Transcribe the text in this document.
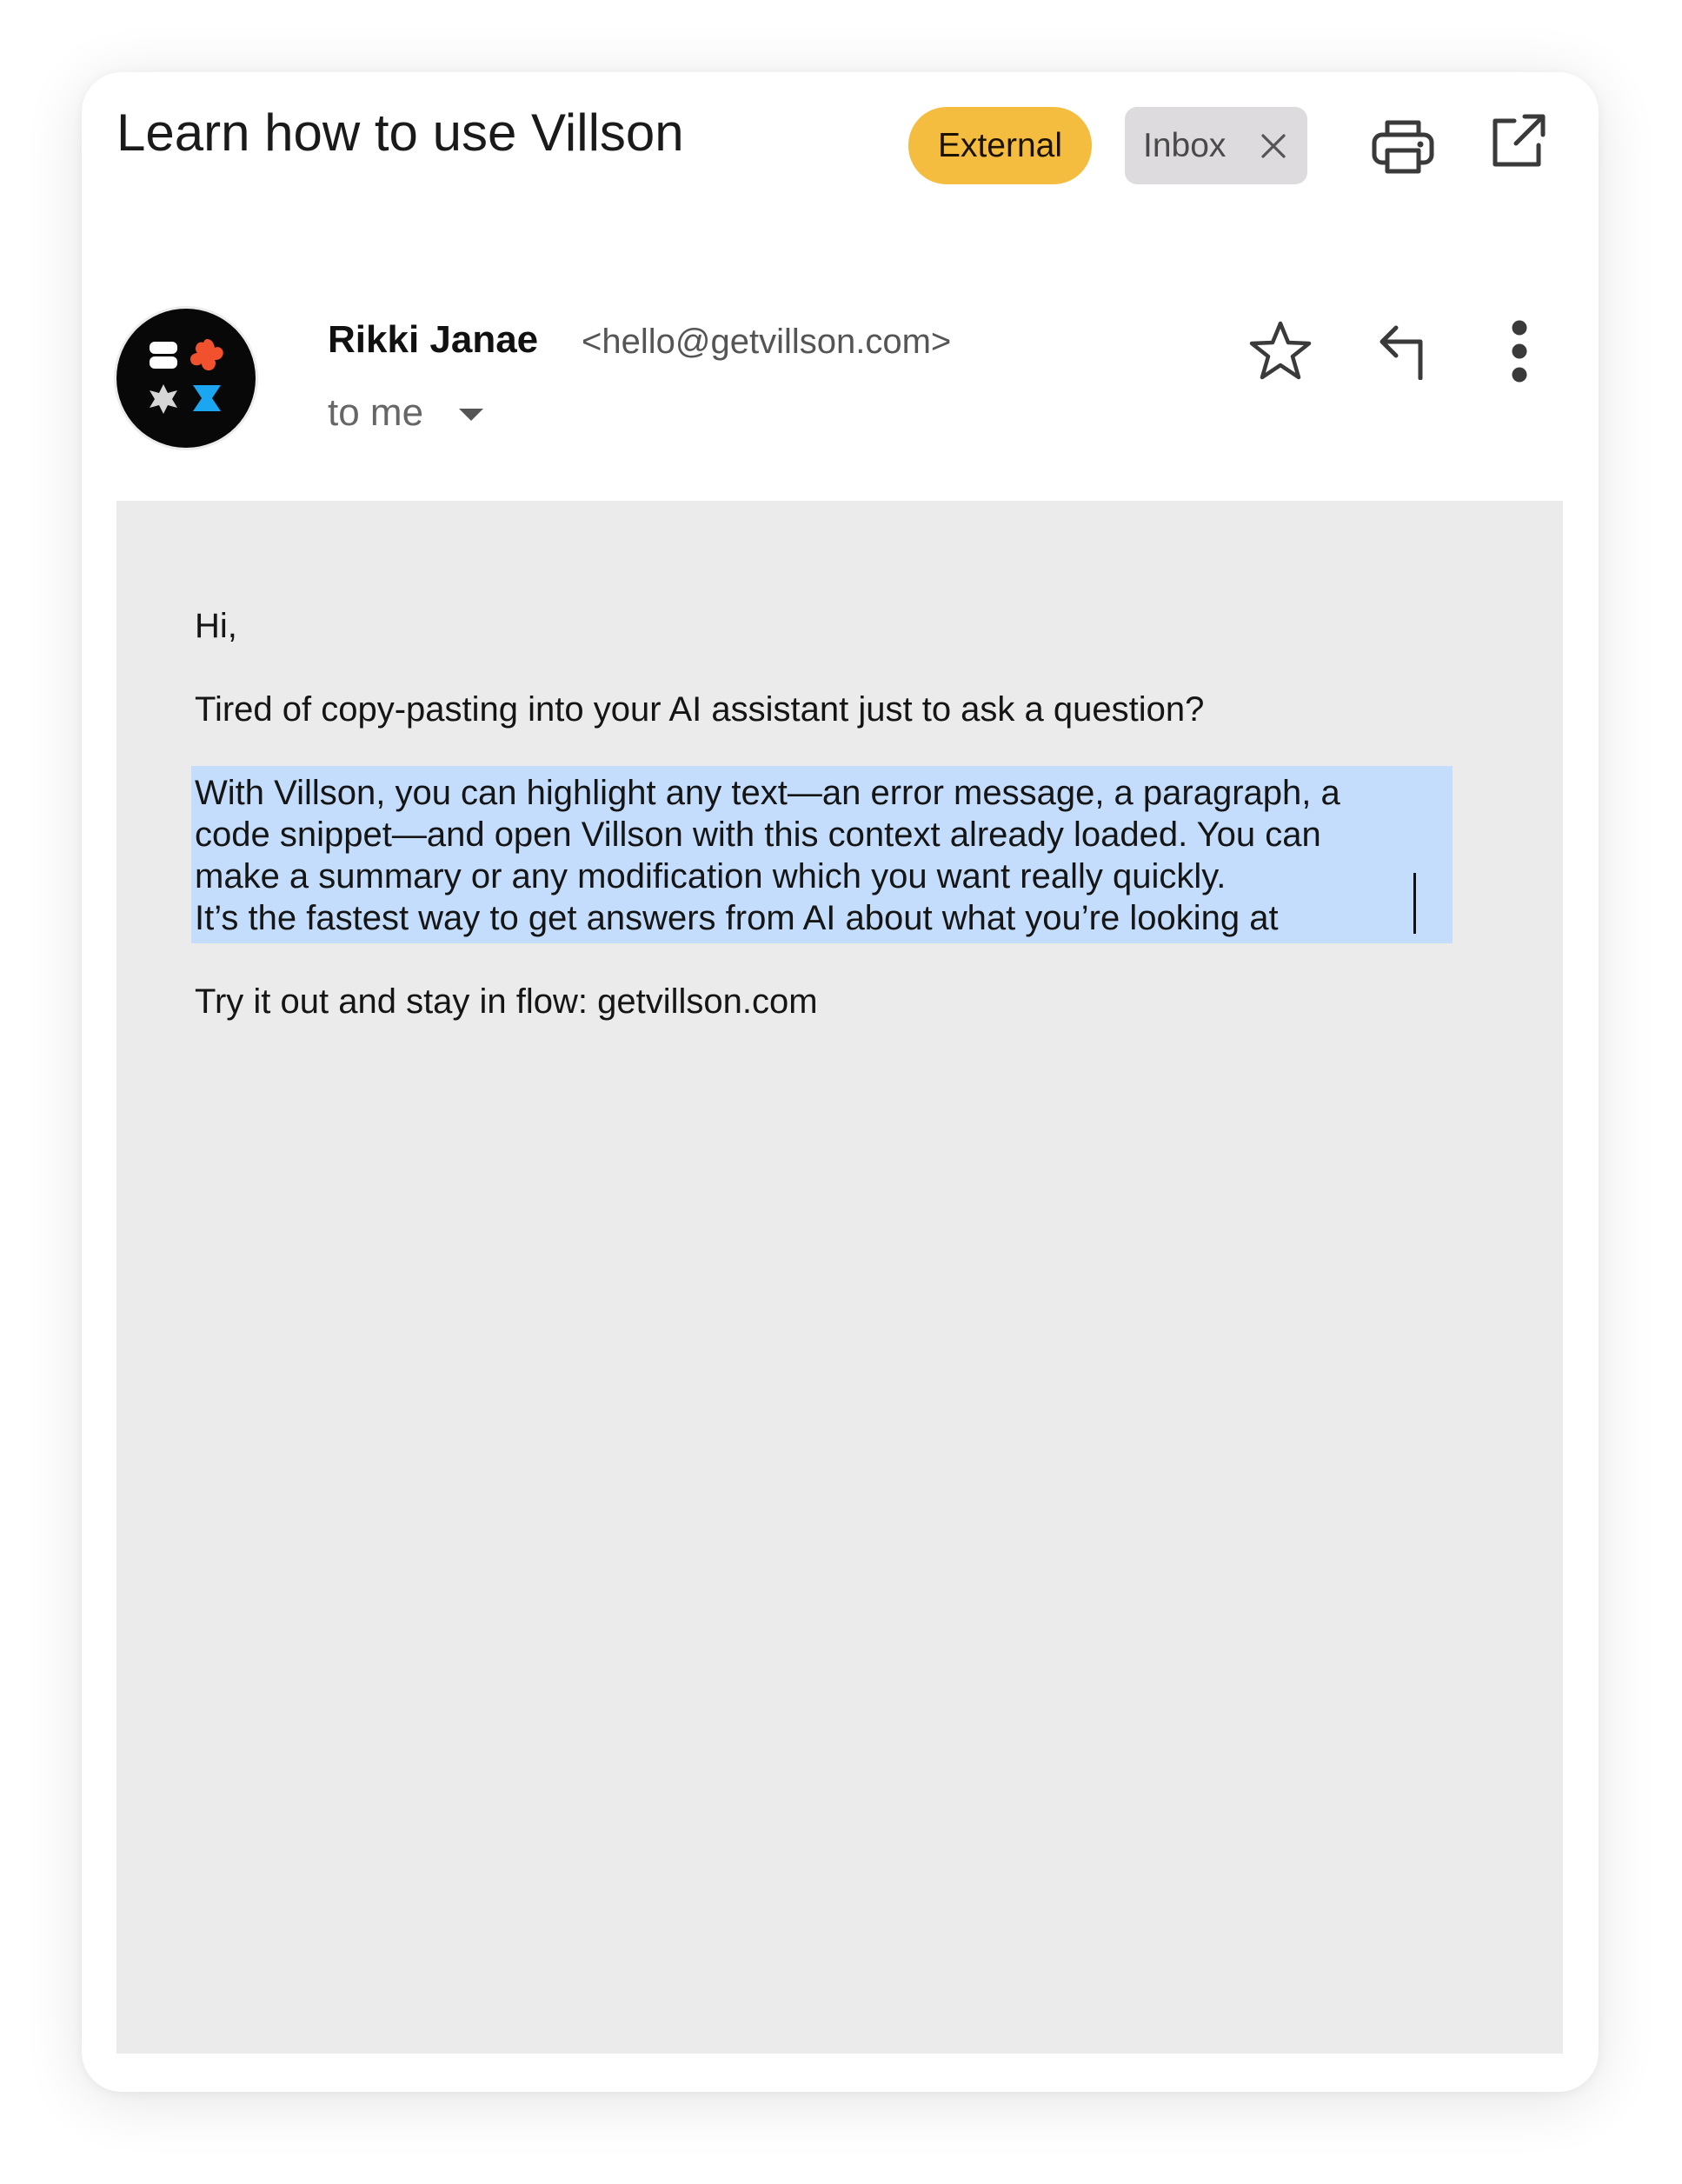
Learn how to use Villson	External	Inbox
Rikki Janae <hello@getvillson.com>
to me
Hi,
Tired of copy-pasting into your AI assistant just to ask a question?
With Villson, you can highlight any text—an error message, a paragraph, a
code snippet—and open Villson with this context already loaded. You can
make a summary or any modification which you want really quickly.
It’s the fastest way to get answers from AI about what you’re looking at
Try it out and stay in flow: getvillson.com
